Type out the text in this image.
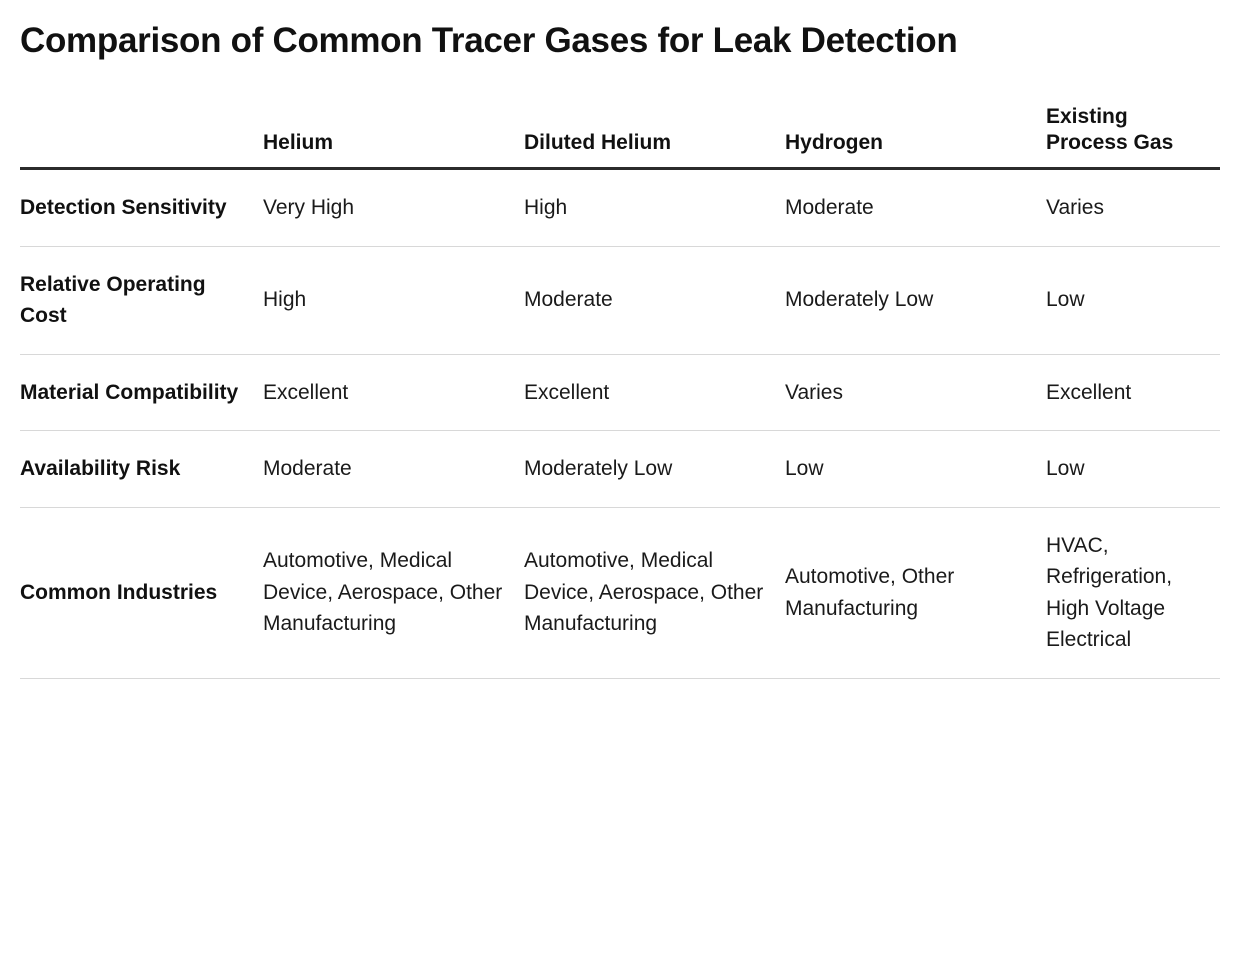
Comparison of Common Tracer Gases for Leak Detection
	Helium	Diluted Helium	Hydrogen	Existing Process Gas
Detection Sensitivity	Very High	High	Moderate	Varies
Relative Operating Cost	High	Moderate	Moderately Low	Low
Material Compatibility	Excellent	Excellent	Varies	Excellent
Availability Risk	Moderate	Moderately Low	Low	Low
Common Industries	Automotive, Medical Device, Aerospace, Other Manufacturing	Automotive, Medical Device, Aerospace, Other Manufacturing	Automotive, Other Manufacturing	HVAC, Refrigeration, High Voltage Electrical
